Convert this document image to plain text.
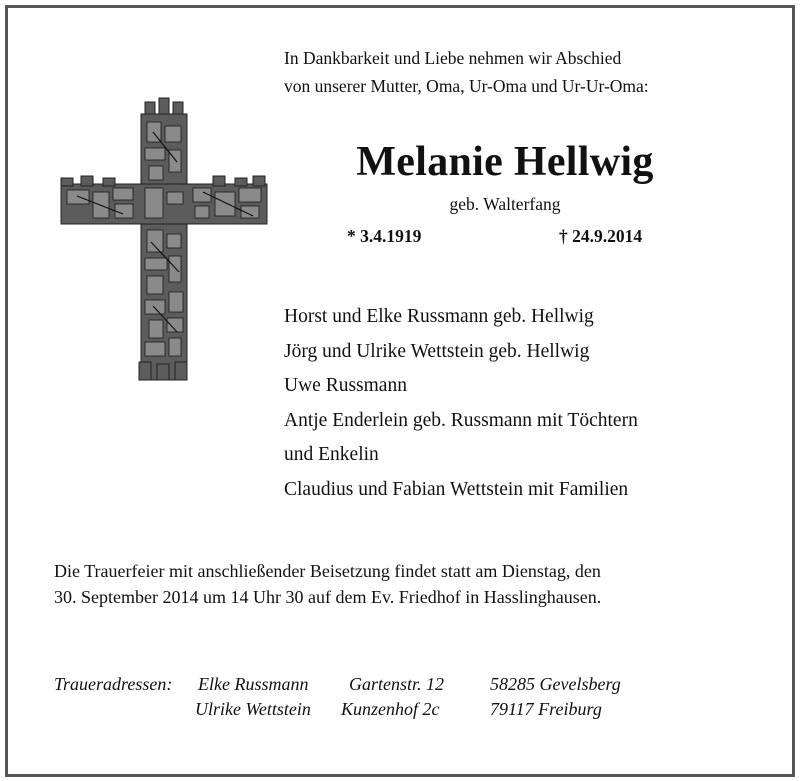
In Dankbarkeit und Liebe nehmen wir Abschied
von unserer Mutter, Oma, Ur-Oma und Ur-Ur-Oma:
Melanie Hellwig
geb. Walterfang
* 3.4.1919	† 24.9.2014
Horst und Elke Russmann geb. Hellwig
Jörg und Ulrike Wettstein geb. Hellwig
Uwe Russmann
Antje Enderlein geb. Russmann mit Töchtern
und Enkelin
Claudius und Fabian Wettstein mit Familien
Die Trauerfeier mit anschließender Beisetzung findet statt am Dienstag, den
30. September 2014 um 14 Uhr 30 auf dem Ev. Friedhof in Hasslinghausen.
Traueradressen: Elke Russmann Gartenstr. 12	58285 Gevelsberg
Ulrike Wettstein Kunzenhof 2c	79117 Freiburg
